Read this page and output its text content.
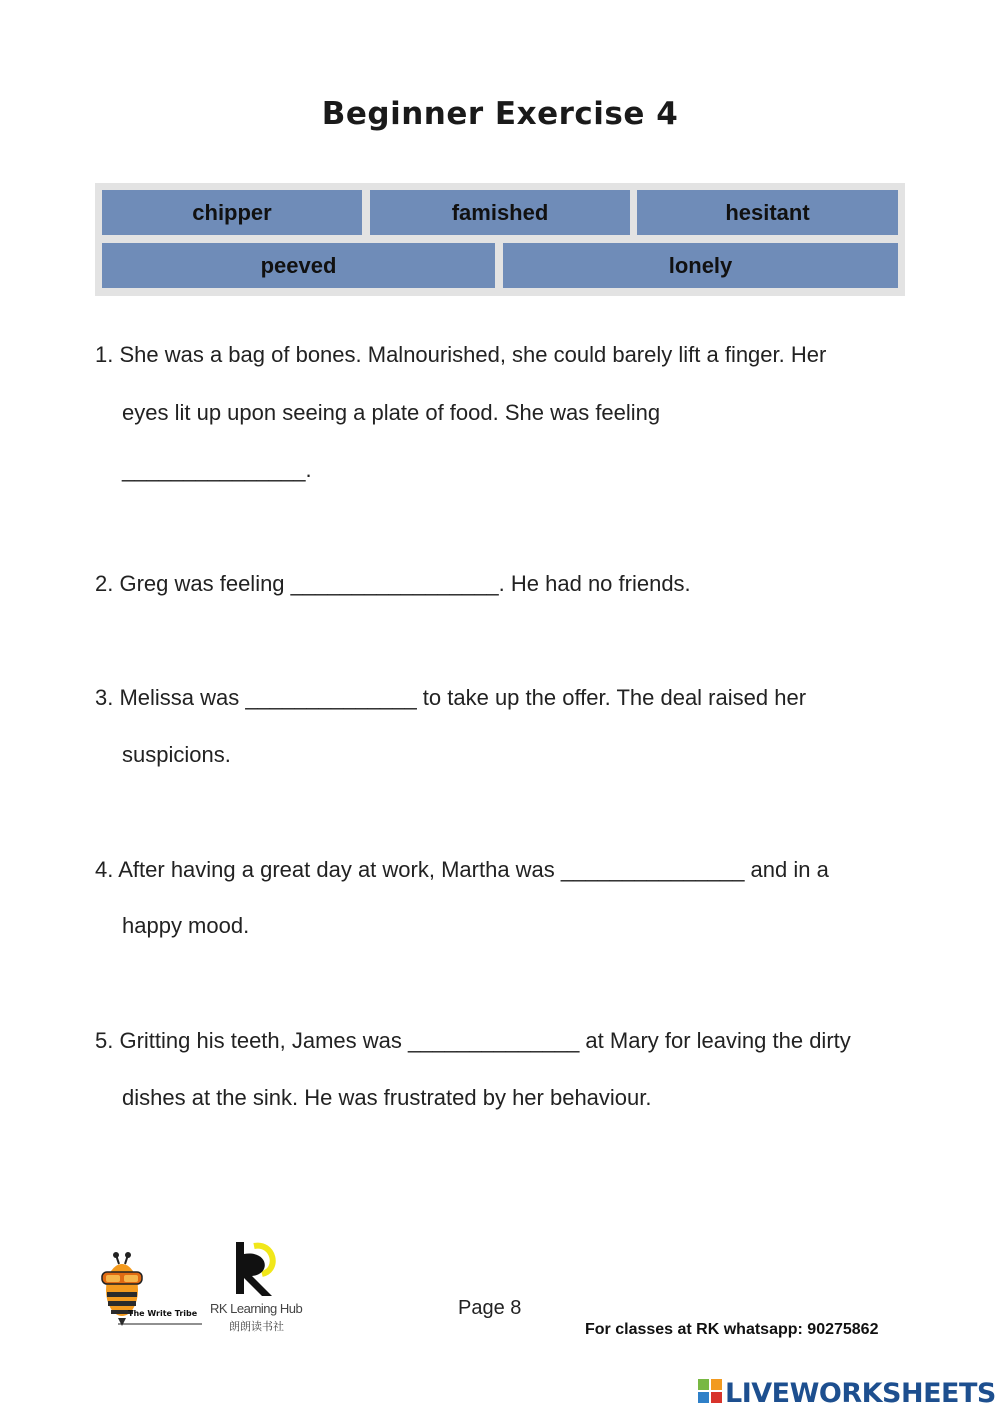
Beginner Exercise 4
chipper	famished	hesitant
peeved	lonely
1. She was a bag of bones. Malnourished, she could barely lift a finger. Her
eyes lit up upon seeing a plate of food. She was feeling
_______________.
2. Greg was feeling _________________. He had no friends.
3. Melissa was ______________ to take up the offer. The deal raised her
suspicions.
4. After having a great day at work, Martha was _______________ and in a
happy mood.
5. Gritting his teeth, James was ______________ at Mary for leaving the dirty
dishes at the sink. He was frustrated by her behaviour.
The Write Tribe RK Learning Hub
朗朗读书社
Page 8
For classes at RK whatsapp: 90275862
LIVEWORKSHEETS
